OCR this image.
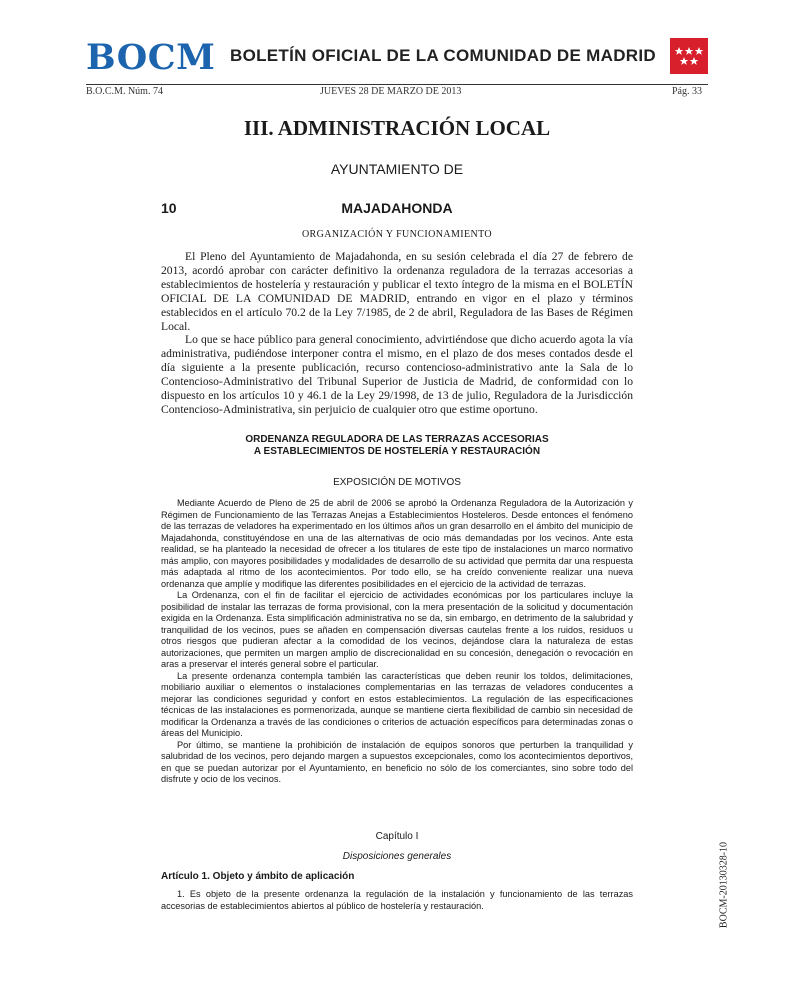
BOCM BOLETÍN OFICIAL DE LA COMUNIDAD DE MADRID
B.O.C.M. Núm. 74	JUEVES 28 DE MARZO DE 2013	Pág. 33
III. ADMINISTRACIÓN LOCAL
AYUNTAMIENTO DE
10	MAJADAHONDA
ORGANIZACIÓN Y FUNCIONAMIENTO

El Pleno del Ayuntamiento de Majadahonda, en su sesión celebrada el día 27 de febrero de 2013, acordó aprobar con carácter definitivo la ordenanza reguladora de la terrazas accesorias a establecimientos de hostelería y restauración y publicar el texto íntegro de la misma en el BOLETÍN OFICIAL DE LA COMUNIDAD DE MADRID, entrando en vigor en el plazo y términos establecidos en el artículo 70.2 de la Ley 7/1985, de 2 de abril, Reguladora de las Bases de Régimen Local.

Lo que se hace público para general conocimiento, advirtiéndose que dicho acuerdo agota la vía administrativa, pudiéndose interponer contra el mismo, en el plazo de dos meses contados desde el día siguiente a la presente publicación, recurso contencioso-administrativo ante la Sala de lo Contencioso-Administrativo del Tribunal Superior de Justicia de Madrid, de conformidad con lo dispuesto en los artículos 10 y 46.1 de la Ley 29/1998, de 13 de julio, Reguladora de la Jurisdicción Contencioso-Administrativa, sin perjuicio de cualquier otro que estime oportuno.

ORDENANZA REGULADORA DE LAS TERRAZAS ACCESORIAS
A ESTABLECIMIENTOS DE HOSTELERÍA Y RESTAURACIÓN
EXPOSICIÓN DE MOTIVOS

Mediante Acuerdo de Pleno de 25 de abril de 2006 se aprobó la Ordenanza Reguladora de la Autorización y Régimen de Funcionamiento de las Terrazas Anejas a Establecimientos Hosteleros. Desde entonces el fenómeno de las terrazas de veladores ha experimentado en los últimos años un gran desarrollo en el ámbito del municipio de Majadahonda, constituyéndose en una de las alternativas de ocio más demandadas por los vecinos. Ante esta realidad, se ha planteado la necesidad de ofrecer a los titulares de este tipo de instalaciones un marco normativo más amplio, con mayores posibilidades y modalidades de desarrollo de su actividad que permita dar una respuesta más adaptada al ritmo de los acontecimientos. Por todo ello, se ha creído conveniente realizar una nueva ordenanza que amplíe y modifique las diferentes posibilidades en el ejercicio de la actividad de terrazas.

La Ordenanza, con el fin de facilitar el ejercicio de actividades económicas por los particulares incluye la posibilidad de instalar las terrazas de forma provisional, con la mera presentación de la solicitud y documentación exigida en la Ordenanza. Esta simplificación administrativa no se da, sin embargo, en detrimento de la salubridad y tranquilidad de los vecinos, pues se añaden en compensación diversas cautelas frente a los ruidos, residuos u otros riesgos que pudieran afectar a la comodidad de los vecinos, dejándose clara la naturaleza de estas autorizaciones, que permiten un margen amplio de discrecionalidad en su concesión, denegación o revocación en aras a preservar el interés general sobre el particular.

La presente ordenanza contempla también las características que deben reunir los toldos, delimitaciones, mobiliario auxiliar o elementos o instalaciones complementarias en las terrazas de veladores conducentes a mejorar las condiciones seguridad y confort en estos establecimientos. La regulación de las especificaciones técnicas de las instalaciones es pormenorizada, aunque se mantiene cierta flexibilidad de cambio sin necesidad de modificar la Ordenanza a través de las condiciones o criterios de actuación específicos para determinadas zonas o áreas del Municipio.

Por último, se mantiene la prohibición de instalación de equipos sonoros que perturben la tranquilidad y salubridad de los vecinos, pero dejando margen a supuestos excepcionales, como los acontecimientos deportivos, en que se puedan autorizar por el Ayuntamiento, en beneficio no sólo de los comerciantes, sino sobre todo del disfrute y ocio de los vecinos.

Capítulo I
Disposiciones generales
Artículo 1. Objeto y ámbito de aplicación
1. Es objeto de la presente ordenanza la regulación de la instalación y funcionamiento de las terrazas accesorias de establecimientos abiertos al público de hostelería y restauración.	BOCM-20130328-10
